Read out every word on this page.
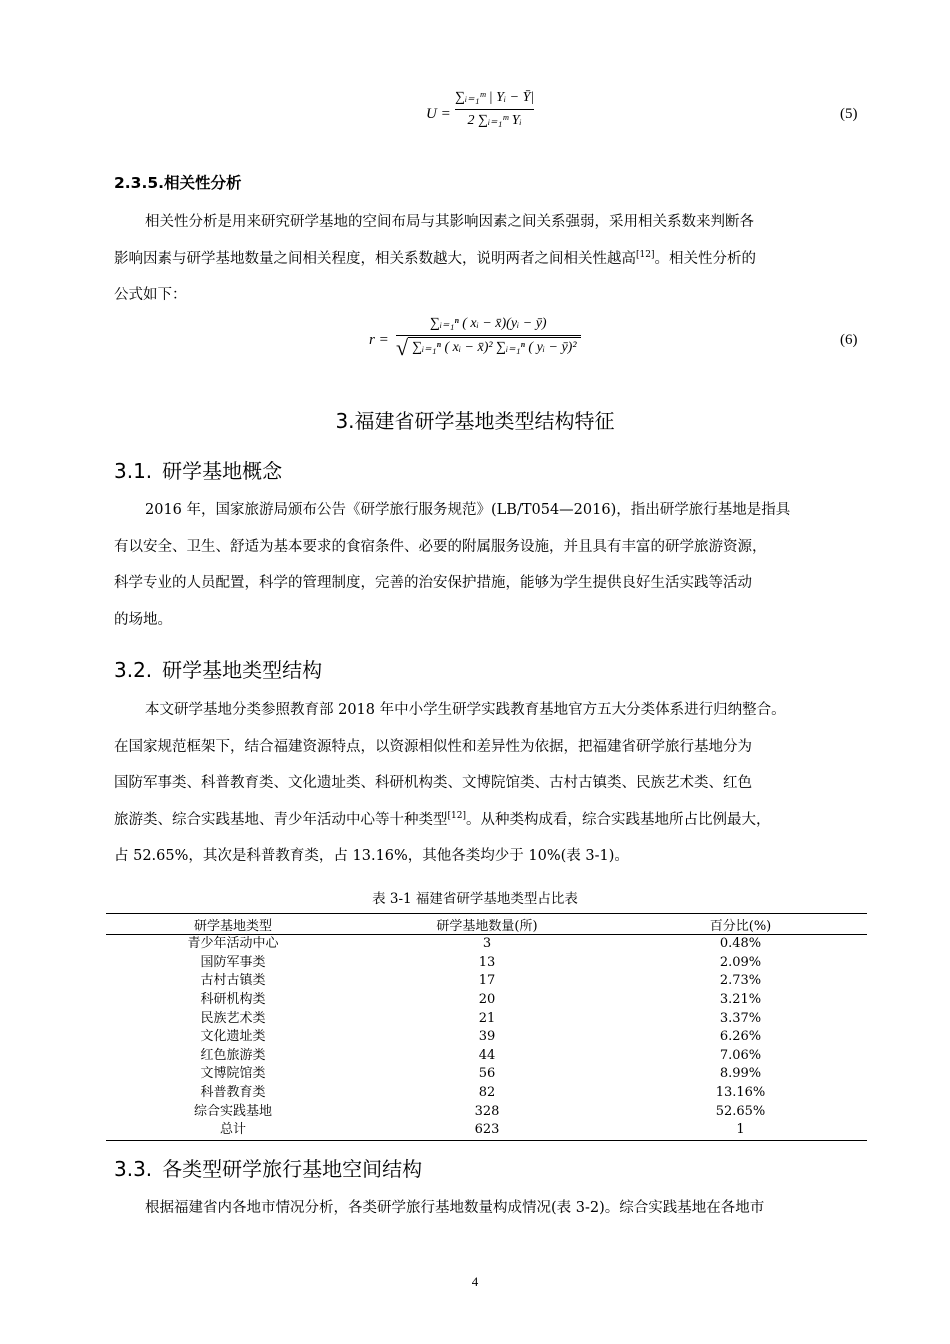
U =
∑ᵢ₌₁ᵐ | Yᵢ − Ȳ|
2 ∑ᵢ₌₁ᵐ Yᵢ	(5)
2.3.5.相关性分析
相关性分析是用来研究研学基地的空间布局与其影响因素之间关系强弱，采用相关系数来判断各
影响因素与研学基地数量之间相关程度，相关系数越大，说明两者之间相关性越高[12]。相关性分析的
公式如下：
r =
∑ᵢ₌₁ⁿ ( xᵢ − x̄)(yᵢ − ȳ)
√ ∑ᵢ₌₁ⁿ ( xᵢ − x̄)² ∑ᵢ₌₁ⁿ ( yᵢ − ȳ)²	(6)
3.福建省研学基地类型结构特征
3.1. 研学基地概念
2016 年，国家旅游局颁布公告《研学旅行服务规范》(LB/T054—2016)，指出研学旅行基地是指具
有以安全、卫生、舒适为基本要求的食宿条件、必要的附属服务设施，并且具有丰富的研学旅游资源，
科学专业的人员配置，科学的管理制度，完善的治安保护措施，能够为学生提供良好生活实践等活动
的场地。
3.2. 研学基地类型结构
本文研学基地分类参照教育部 2018 年中小学生研学实践教育基地官方五大分类体系进行归纳整合。
在国家规范框架下，结合福建资源特点，以资源相似性和差异性为依据，把福建省研学旅行基地分为
国防军事类、科普教育类、文化遗址类、科研机构类、文博院馆类、古村古镇类、民族艺术类、红色
旅游类、综合实践基地、青少年活动中心等十种类型[12]。从种类构成看，综合实践基地所占比例最大，
占 52.65%，其次是科普教育类，占 13.16%，其他各类均少于 10%(表 3-1)。
表 3-1 福建省研学基地类型占比表
研学基地类型	研学基地数量(所)	百分比(%)
青少年活动中心	3	0.48%
国防军事类	13	2.09%
古村古镇类	17	2.73%
科研机构类	20	3.21%
民族艺术类	21	3.37%
文化遗址类	39	6.26%
红色旅游类	44	7.06%
文博院馆类	56	8.99%
科普教育类	82	13.16%
综合实践基地	328	52.65%
总计	623	1
3.3. 各类型研学旅行基地空间结构
根据福建省内各地市情况分析，各类研学旅行基地数量构成情况(表 3-2)。综合实践基地在各地市
4
